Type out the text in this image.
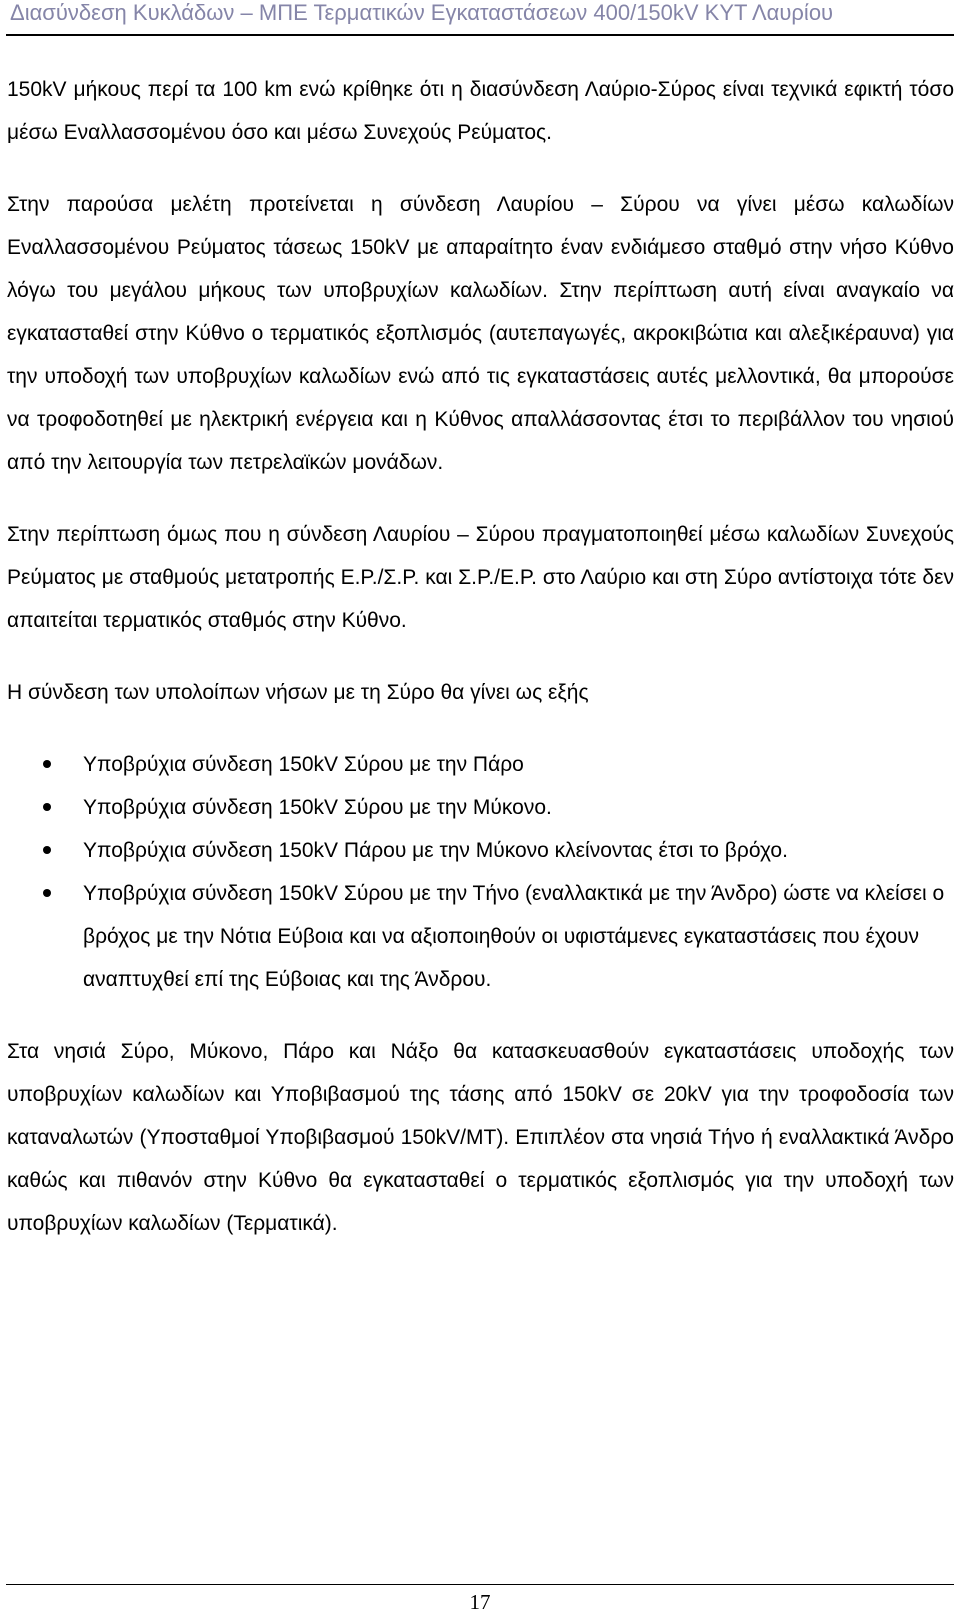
Διασύνδεση Κυκλάδων – ΜΠΕ Τερματικών Εγκαταστάσεων 400/150kV ΚΥΤ Λαυρίου

150kV μήκους περί τα 100 km ενώ κρίθηκε ότι η διασύνδεση Λαύριο-Σύρος είναι τεχνικά εφικτή τόσο μέσω Εναλλασσομένου όσο και μέσω Συνεχούς Ρεύματος.

Στην παρούσα μελέτη προτείνεται η σύνδεση Λαυρίου – Σύρου να γίνει μέσω καλωδίων Εναλλασσομένου Ρεύματος τάσεως 150kV με απαραίτητο έναν ενδιάμεσο σταθμό στην νήσο Κύθνο λόγω του μεγάλου μήκους των υποβρυχίων καλωδίων. Στην περίπτωση αυτή είναι αναγκαίο να εγκατασταθεί στην Κύθνο ο τερματικός εξοπλισμός (αυτεπαγωγές, ακροκιβώτια και αλεξικέραυνα) για την υποδοχή των υποβρυχίων καλωδίων ενώ από τις εγκαταστάσεις αυτές μελλοντικά, θα μπορούσε να τροφοδοτηθεί με ηλεκτρική ενέργεια και η Κύθνος απαλλάσσοντας έτσι το περιβάλλον του νησιού από την λειτουργία των πετρελαϊκών μονάδων.

Στην περίπτωση όμως που η σύνδεση Λαυρίου – Σύρου πραγματοποιηθεί μέσω καλωδίων Συνεχούς Ρεύματος με σταθμούς μετατροπής Ε.Ρ./Σ.Ρ. και Σ.Ρ./Ε.Ρ. στο Λαύριο και στη Σύρο αντίστοιχα τότε δεν απαιτείται τερματικός σταθμός στην Κύθνο.

Η σύνδεση των υπολοίπων νήσων με τη Σύρο θα γίνει ως εξής

Υποβρύχια σύνδεση 150kV Σύρου με την Πάρο
Υποβρύχια σύνδεση 150kV Σύρου με την Μύκονο.
Υποβρύχια σύνδεση 150kV Πάρου με την Μύκονο κλείνοντας έτσι το βρόχο.
Υποβρύχια σύνδεση 150kV Σύρου με την Τήνο (εναλλακτικά με την Άνδρο) ώστε να κλείσει ο βρόχος με την Νότια Εύβοια και να αξιοποιηθούν οι υφιστάμενες εγκαταστάσεις που έχουν αναπτυχθεί επί της Εύβοιας και της Άνδρου.

Στα νησιά Σύρο, Μύκονο, Πάρο και Νάξο θα κατασκευασθούν εγκαταστάσεις υποδοχής των υποβρυχίων καλωδίων και Υποβιβασμού της τάσης από 150kV σε 20kV για την τροφοδοσία των καταναλωτών (Υποσταθμοί Υποβιβασμού 150kV/MT). Επιπλέον στα νησιά Τήνο ή εναλλακτικά Άνδρο καθώς και πιθανόν στην Κύθνο θα εγκατασταθεί ο τερματικός εξοπλισμός για την υποδοχή των υποβρυχίων καλωδίων (Τερματικά).

17
